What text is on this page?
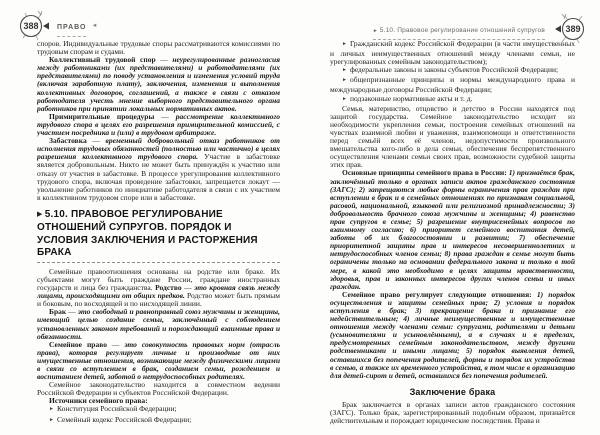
388	ПРАВО ◄
► 5.10. Правовое регулирование отношений супругов 389

споров. Индивидуальные трудовые споры рассматриваются комиссиями по трудовым спорам и судами.

Коллективный трудовой спор — неурегулированные разногласия между работниками (их представителями) и работодателями (их представителями) по поводу установления и изменения условий труда (включая заработную плату), заключения, изменения и выполнения коллективных договоров, соглашений, а также в связи с отказом работодателя учесть мнение выборного представительного органа работников при принятии локальных нормативных актов.

Примирительные процедуры — рассмотрение коллективного трудового спора в целях его разрешения примирительной комиссией, с участием посредника и (или) в трудовом арбитраже.

Забастовка — временный добровольный отказ работников от исполнения трудовых обязанностей (полностью или частично) в целях разрешения коллективного трудового спора. Участие в забастовке является добровольным. Никто не может быть принуждён к участию или отказу от участия в забастовке. В процессе урегулирования коллективного трудового спора, включая проведение забастовки, запрещается локаут — увольнение работников по инициативе работодателя в связи с их участием в коллективном трудовом споре или в забастовке.

▶ 5.10. ПРАВОВОЕ РЕГУЛИРОВАНИЕ ОТНОШЕНИЙ СУПРУГОВ. ПОРЯДОК И УСЛОВИЯ ЗАКЛЮЧЕНИЯ И РАСТОРЖЕНИЯ БРАКА

Семейные правоотношения основаны на родстве или браке. Их субъектами могут быть граждане России, граждане иностранных государств и лица без гражданства. Родство — это кровная связь между лицами, происходящими от общих предков. Родство может быть прямым и боковым, по восходящей и по нисходящей линии.

Брак — это свободный и равноправный союз мужчины и женщины, имеющий целью создание семьи, заключённый с соблюдением установленных законом требований и порождающий взаимные права и обязанности.

Семейное право — это совокупность правовых норм (отрасль права), которая регулирует личные и производные от них имущественные отношения, возникающие между физическими лицами в связи со вступлением в брак, созданием семьи, рождением и воспитанием детей, заботой о нетрудоспособных родителях.

Семейное законодательство находится в совместном ведении Российской Федерации и субъектов Российской Федерации.

Источники семейного права:

► Конституция Российской Федерации;

► Семейный кодекс Российской Федерации;

► Гражданский кодекс Российской Федерации (в части имущественных и личных неимущественных отношений между членами семьи, не урегулированных семейным законодательством);

► федеральные законы и законы субъектов Российской Федерации;

► общепризнанные принципы и нормы международного права и международные договоры Российской Федерации;

► подзаконные нормативные акты и т. д.

Семья, материнство, отцовство и детство в России находятся под защитой государства. Семейное законодательство исходит из необходимости укрепления семьи, построения семейных отношений на чувствах взаимной любви и уважения, взаимопомощи и ответственности перед семьёй всех её членов, недопустимости произвольного вмешательства кого-либо в дела семьи, обеспечения беспрепятственного осуществления членами семьи своих прав, возможности судебной защиты этих прав.

Основные принципы семейного права в России: 1) признаётся брак, заключённый только в органах записи актов гражданского состояния (ЗАГС); 2) запрещаются любые формы ограничения прав граждан при вступлении в брак и в семейных отношениях по признакам социальной, расовой, национальной, языковой или религиозной принадлежности; 3) добровольность брачного союза мужчины и женщины; 4) равенство прав супругов в семье; 5) разрешение внутрисемейных вопросов по взаимному согласию; 6) приоритет семейного воспитания детей, заботы об их благосостоянии и развитии; 7) обеспечение приоритетной защиты прав и интересов несовершеннолетних и нетрудоспособных членов семьи; 8) права граждан в семье могут быть ограничены только на основании федерального закона и только в той мере, в какой это необходимо в целях защиты нравственности, здоровья, прав и законных интересов других членов семьи и иных граждан.

Семейное право регулирует следующие отношения: 1) порядок осуществления и защиты семейных прав; 2) условия и порядок вступления в брак; 3) прекращение брака и признание его недействительным; 4) личные неимущественные и имущественные отношения между членами семьи: супругами, родителями и детьми (усыновителями и усыновлёнными), а в случаях и в пределах, предусмотренных семейным законодательством, между другими родственниками и иными лицами; 5) порядок выявления детей, оставшихся без попечения родителей, формы и порядок их устройства в семью, а также их временного устройства, в том числе в организацию для детей-сирот и детей, оставшихся без попечения родителей.

Заключение брака

Брак заключается в органах записи актов гражданского состояния (ЗАГС). Только брак, зарегистрированный подобным образом, признаётся действительным и порождает юридические последствия. Права и
